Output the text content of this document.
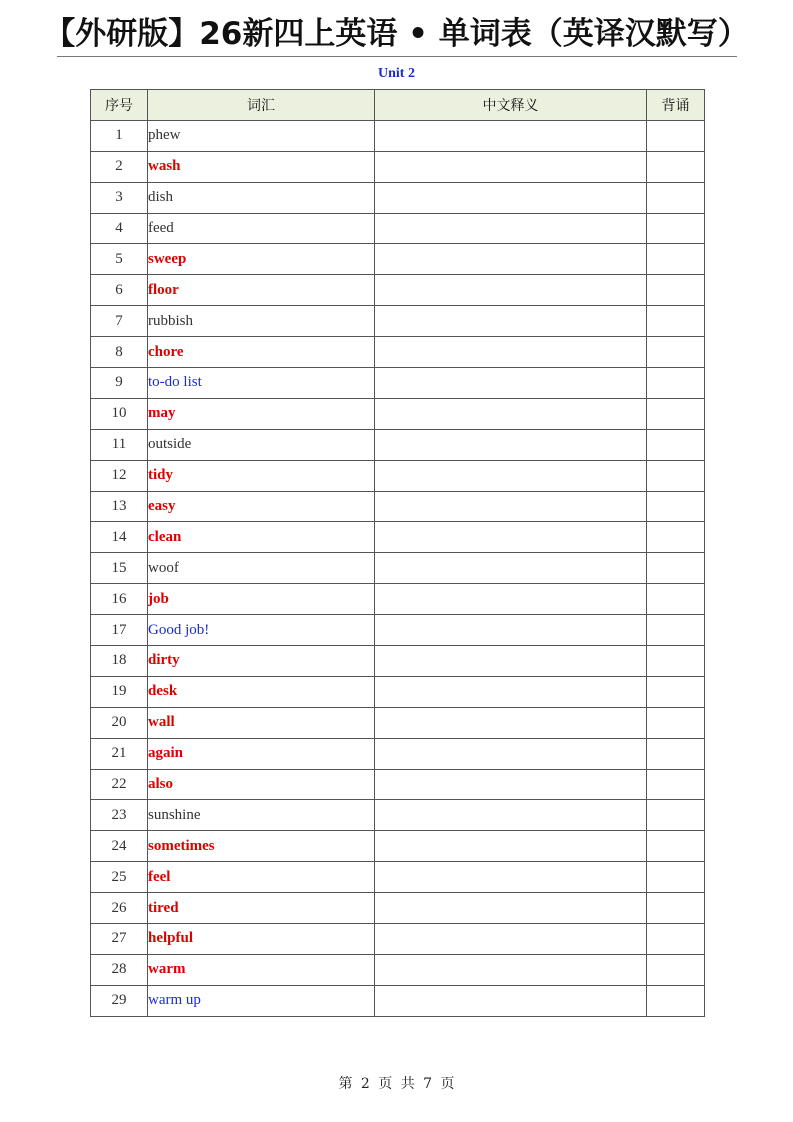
【外研版】26新四上英语 • 单词表（英译汉默写）
Unit 2
序号	词汇	中文释义	背诵
1	phew		
2	wash		
3	dish		
4	feed		
5	sweep		
6	floor		
7	rubbish		
8	chore		
9	to-do list		
10	may		
11	outside		
12	tidy		
13	easy		
14	clean		
15	woof		
16	job		
17	Good job!		
18	dirty		
19	desk		
20	wall		
21	again		
22	also		
23	sunshine		
24	sometimes		
25	feel		
26	tired		
27	helpful		
28	warm		
29	warm up		
第 2 页 共 7 页
